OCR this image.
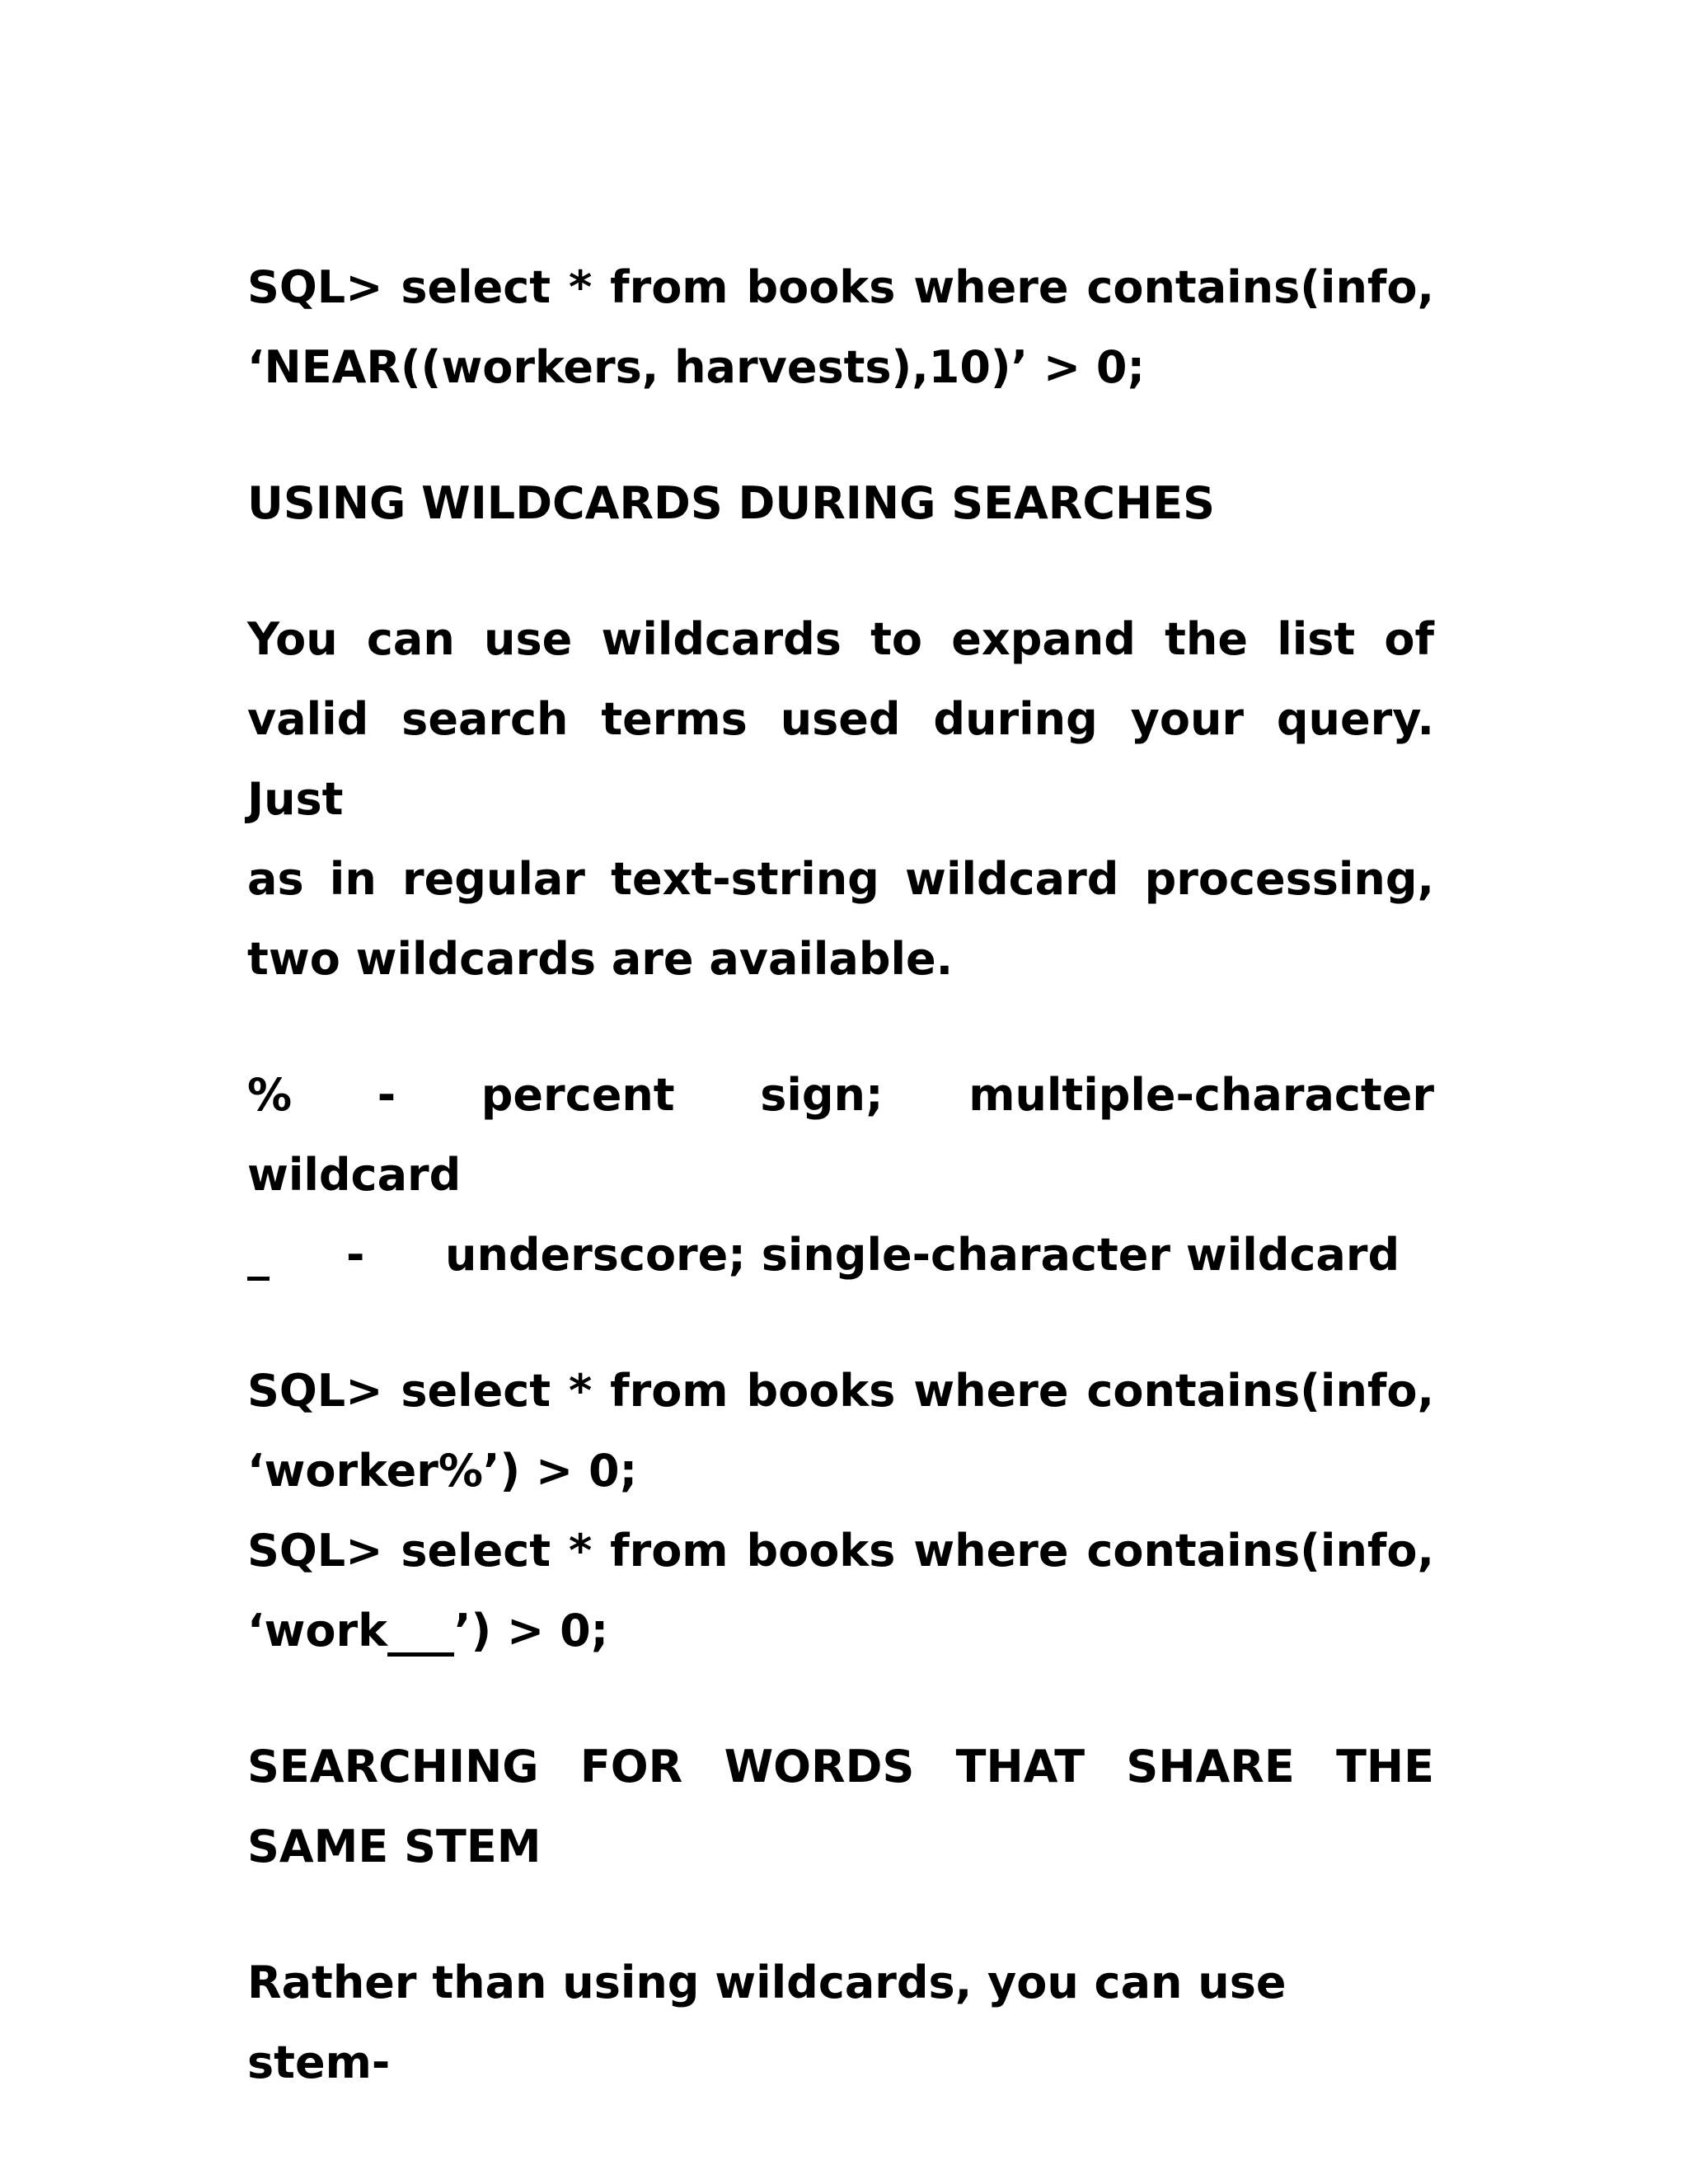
SQL> select * from books where contains(info,
‘NEAR((workers, harvests),10)’ > 0;
USING WILDCARDS DURING SEARCHES
You can use wildcards to expand the list of
valid search terms used during your query. Just
as in regular text-string wildcard processing,
two wildcards are available.
% - percent sign; multiple-character
wildcard
_	-	underscore; single-character wildcard
SQL> select * from books where contains(info,
‘worker%’) > 0;
SQL> select * from books where contains(info,
‘work___’) > 0;
SEARCHING FOR WORDS THAT SHARE THE
SAME STEM
Rather than using wildcards, you can use stem-
